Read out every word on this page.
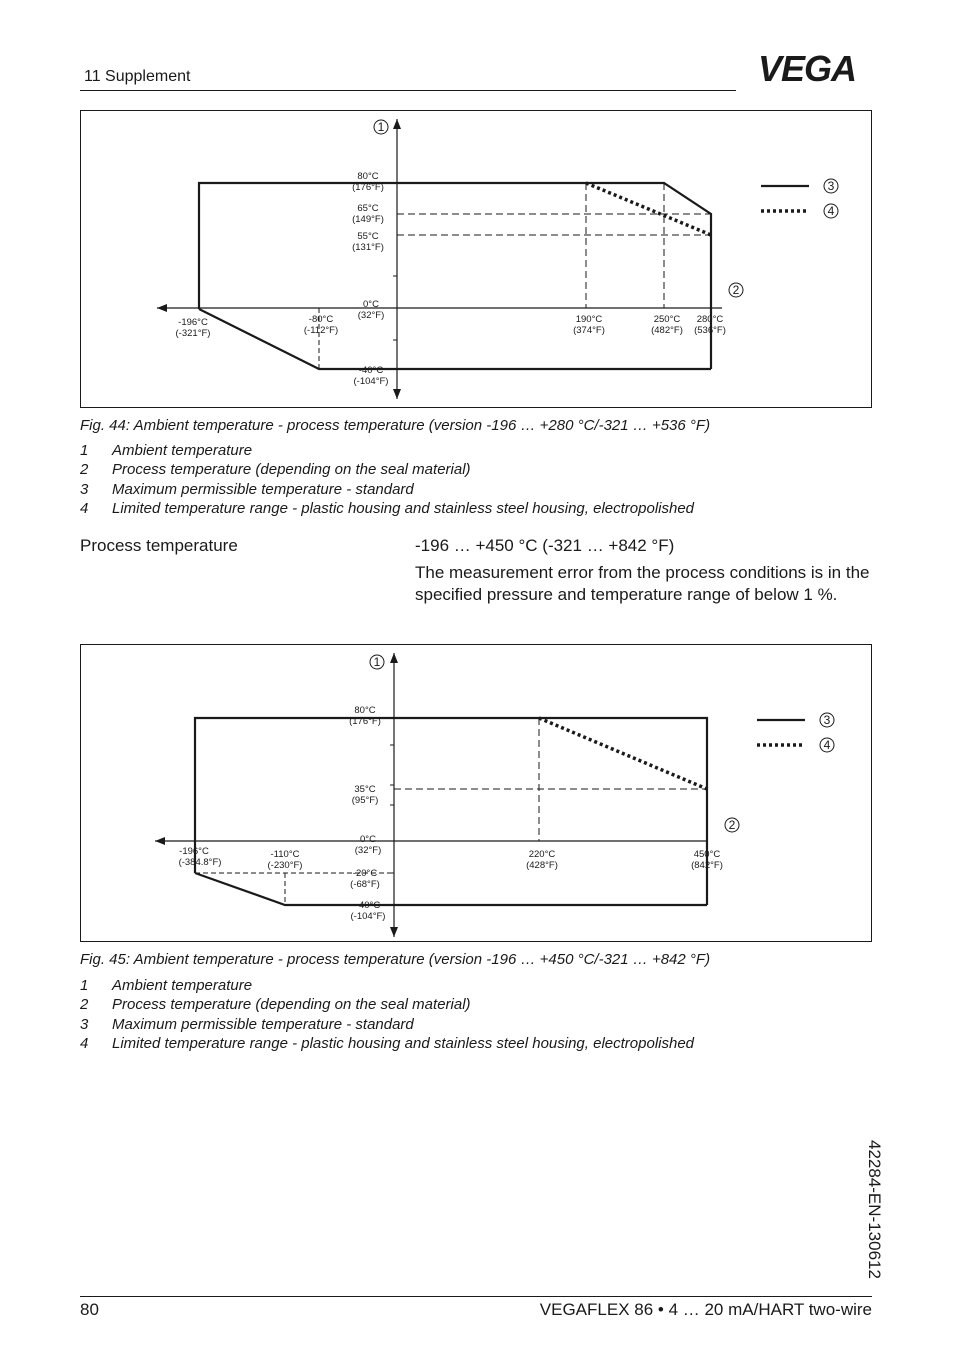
11 Supplement	VEGA
1
2
3
4
80°C
(176°F)
65°C
(149°F)
55°C
(131°F)
0°C
(32°F)
-40°C
(-104°F)
-196°C
(-321°F)
-80°C
(-112°F)
190°C
(374°F)
250°C
(482°F)
280°C
(536°F)
Fig. 44: Ambient temperature - process temperature (version -196 … +280 °C/-321 … +536 °F)
1	Ambient temperature
2	Process temperature (depending on the seal material)
3	Maximum permissible temperature - standard
4	Limited temperature range - plastic housing and stainless steel housing, electropolished
Process temperature	-196 … +450 °C (-321 … +842 °F)
The measurement error from the process conditions is in the specified pressure and temperature range of below 1 %.
1
2
3
4
80°C
(176°F)
35°C
(95°F)
0°C
(32°F)
-20°C
(-68°F)
-40°C
(-104°F)
-196°C
(-384.8°F)
-110°C
(-230°F)
220°C
(428°F)
450°C
(842°F)
Fig. 45: Ambient temperature - process temperature (version -196 … +450 °C/-321 … +842 °F)
1	Ambient temperature
2	Process temperature (depending on the seal material)
3	Maximum permissible temperature - standard
4	Limited temperature range - plastic housing and stainless steel housing, electropolished
42284-EN-130612
80	VEGAFLEX 86 • 4 … 20 mA/HART two-wire
